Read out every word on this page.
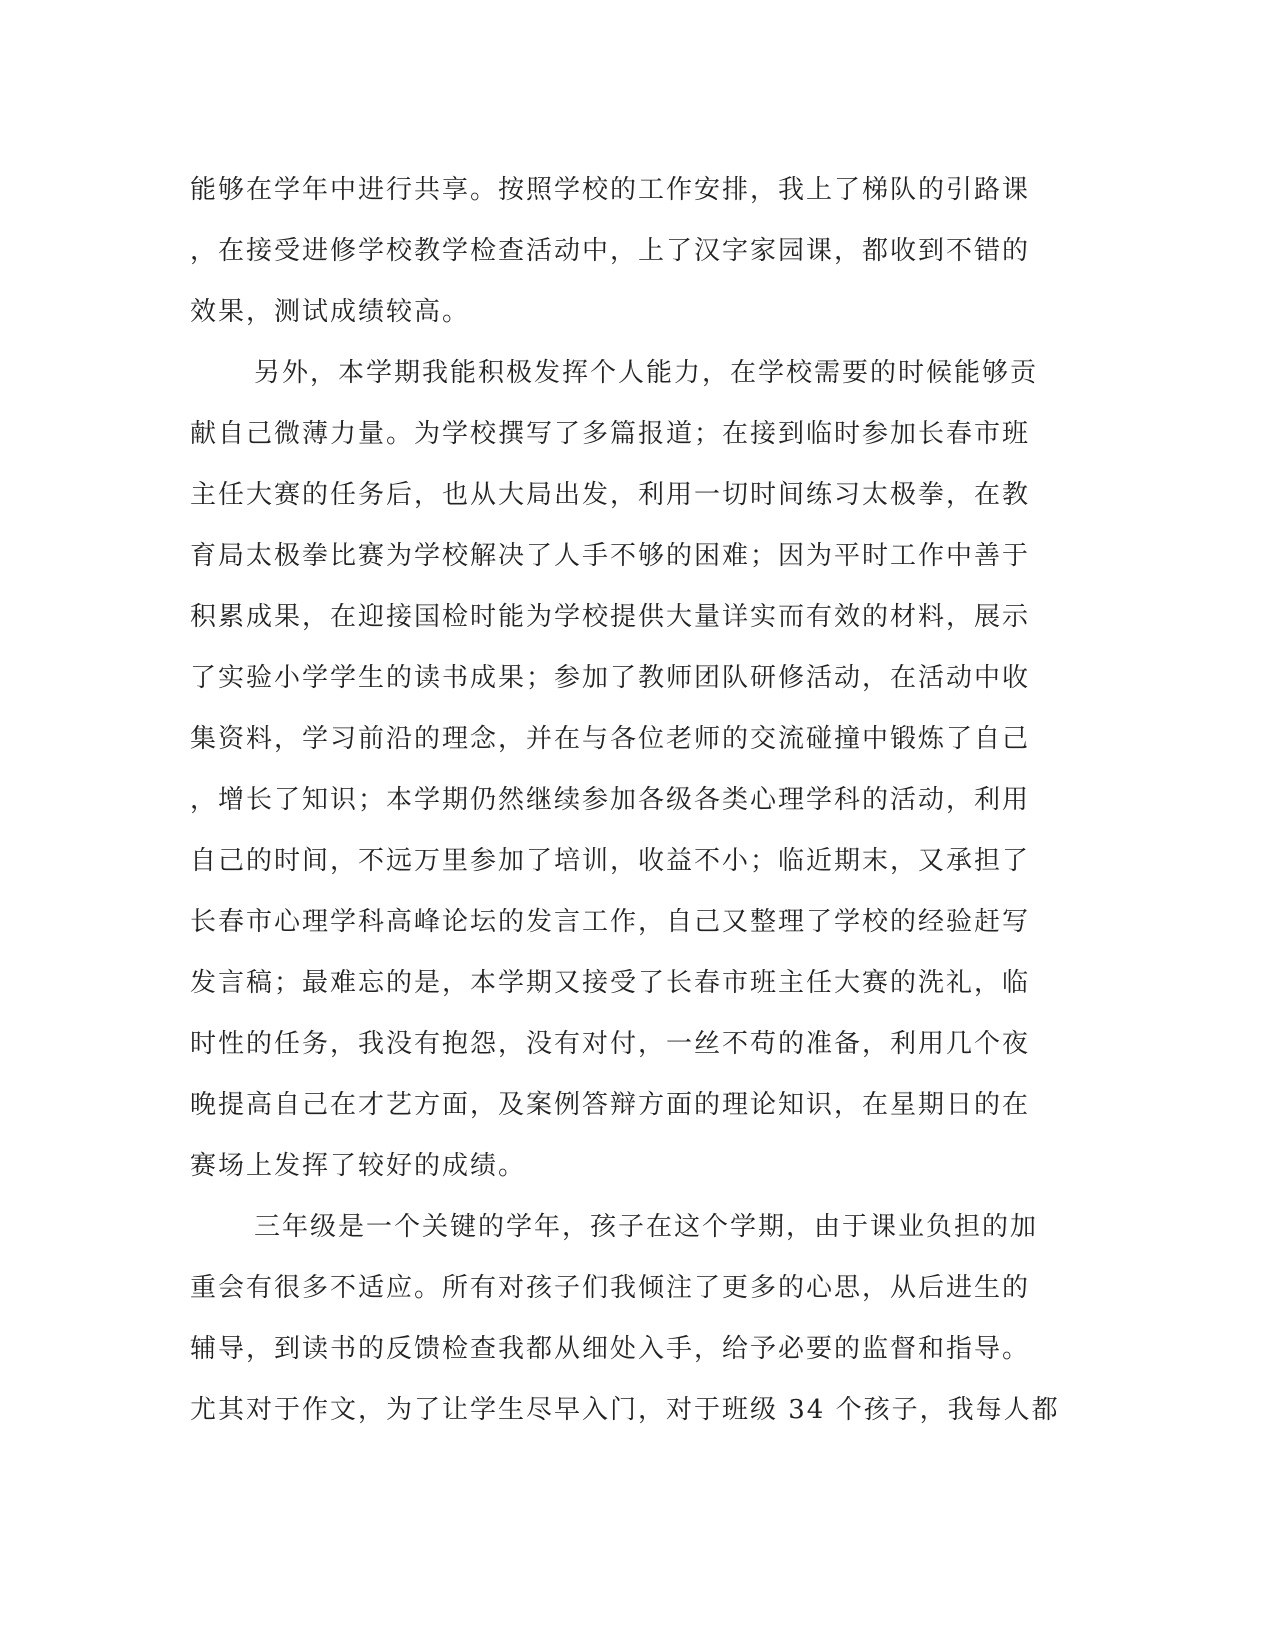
能够在学年中进行共享。按照学校的工作安排，我上了梯队的引路课
，在接受进修学校教学检查活动中，上了汉字家园课，都收到不错的
效果，测试成绩较高。
另外，本学期我能积极发挥个人能力，在学校需要的时候能够贡
献自己微薄力量。为学校撰写了多篇报道；在接到临时参加长春市班
主任大赛的任务后，也从大局出发，利用一切时间练习太极拳，在教
育局太极拳比赛为学校解决了人手不够的困难；因为平时工作中善于
积累成果，在迎接国检时能为学校提供大量详实而有效的材料，展示
了实验小学学生的读书成果；参加了教师团队研修活动，在活动中收
集资料，学习前沿的理念，并在与各位老师的交流碰撞中锻炼了自己
，增长了知识；本学期仍然继续参加各级各类心理学科的活动，利用
自己的时间，不远万里参加了培训，收益不小；临近期末，又承担了
长春市心理学科高峰论坛的发言工作，自己又整理了学校的经验赶写
发言稿；最难忘的是，本学期又接受了长春市班主任大赛的洗礼，临
时性的任务，我没有抱怨，没有对付，一丝不苟的准备，利用几个夜
晚提高自己在才艺方面，及案例答辩方面的理论知识，在星期日的在
赛场上发挥了较好的成绩。
三年级是一个关键的学年，孩子在这个学期，由于课业负担的加
重会有很多不适应。所有对孩子们我倾注了更多的心思，从后进生的
辅导，到读书的反馈检查我都从细处入手，给予必要的监督和指导。
尤其对于作文，为了让学生尽早入门，对于班级 34 个孩子，我每人都
